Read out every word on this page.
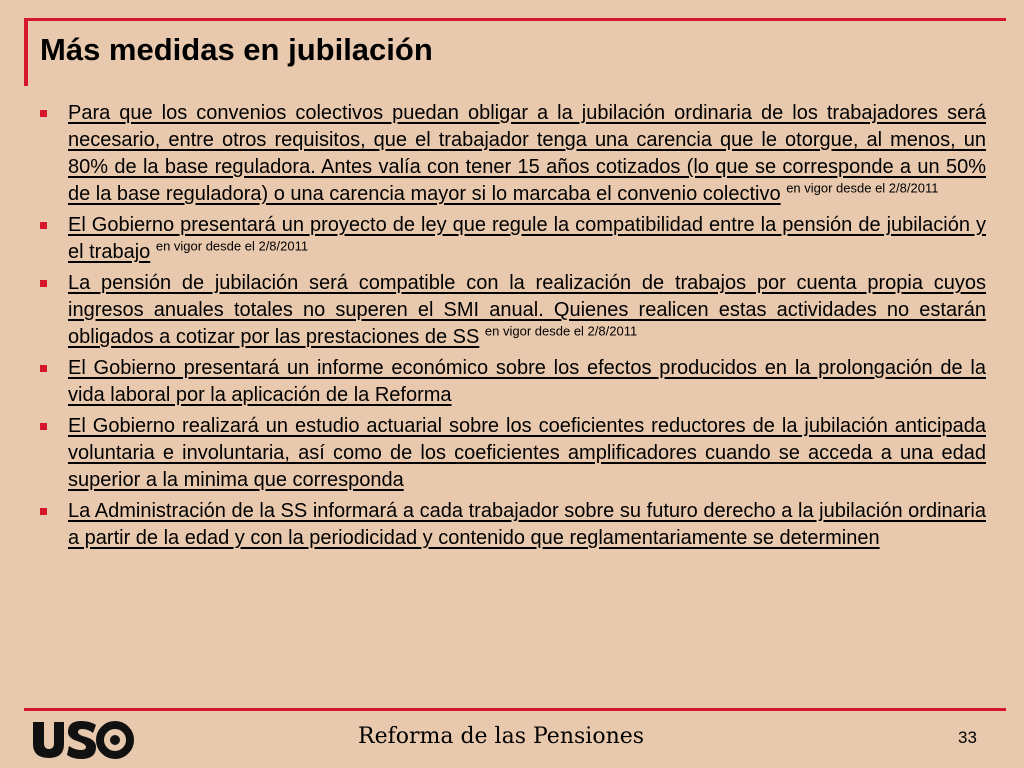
Más medidas en jubilación
Para que los convenios colectivos puedan obligar a la jubilación ordinaria de los trabajadores será necesario, entre otros requisitos, que el trabajador tenga una carencia que le otorgue, al menos, un 80% de la base reguladora. Antes valía con tener 15 años cotizados (lo que se corresponde a un 50% de la base reguladora) o una carencia mayor si lo marcaba el convenio colectivo $^{en vigor desde el 2/8/2011}$
El Gobierno presentará un proyecto de ley que regule la compatibilidad entre la pensión de jubilación y el trabajo $^{en vigor desde el 2/8/2011}$
La pensión de jubilación será compatible con la realización de trabajos por cuenta propia cuyos ingresos anuales totales no superen el SMI anual. Quienes realicen estas actividades no estarán obligados a cotizar por las prestaciones de SS $^{en vigor desde el 2/8/2011}$
El Gobierno presentará un informe económico sobre los efectos producidos en la prolongación de la vida laboral por la aplicación de la Reforma
El Gobierno realizará un estudio actuarial sobre los coeficientes reductores de la jubilación anticipada voluntaria e involuntaria, así como de los coeficientes amplificadores cuando se acceda a una edad superior a la minima que corresponda
La Administración de la SS informará a cada trabajador sobre su futuro derecho a la jubilación ordinaria a partir de la edad y con la periodicidad y contenido que reglamentariamente se determinen
Reforma de las Pensiones	33
